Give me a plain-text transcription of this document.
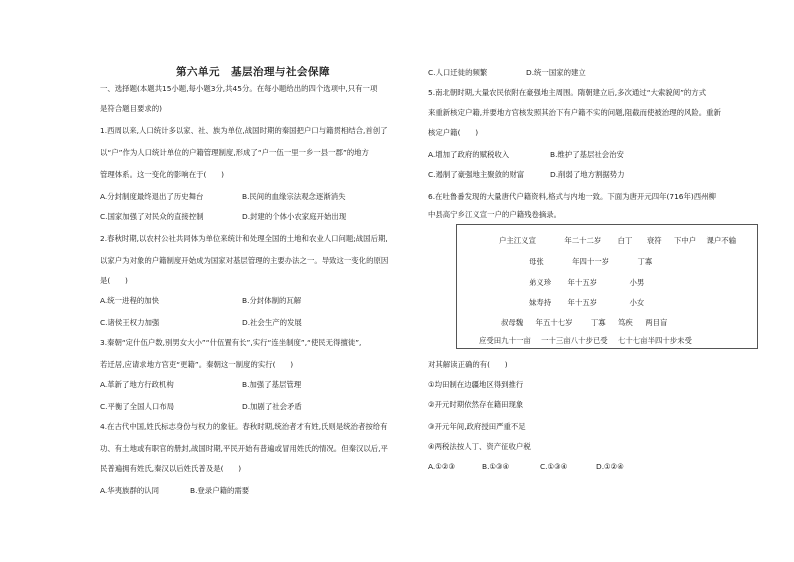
第六单元　基层治理与社会保障
一、选择题(本题共15小题,每小题3分,共45分。在每小题给出的四个选项中,只有一项
是符合题目要求的)
1.西周以来,人口统计多以家、社、族为单位,战国时期的秦国把户口与籍贯相结合,首创了
以“户”作为人口统计单位的户籍管理制度,形成了“户一伍一里一乡一县一郡”的地方
管理体系。这一变化的影响在于(　　)
A.分封制度最终退出了历史舞台	B.民间的血缘宗法观念逐渐消失
C.国家加强了对民众的直接控制	D.封建的个体小农家庭开始出现
2.春秋时期,以农村公社共同体为单位来统计和处理全国的土地和农业人口问题;战国后期,
以家户为对象的户籍制度开始成为国家对基层管理的主要办法之一。导致这一变化的原因
是(　　)
A.统一进程的加快	B.分封体制的瓦解
C.诸侯王权力加强	D.社会生产的发展
3.秦朝“定什伍户数,别男女大小”“什伍置有长”,实行“连坐制度”,“使民无得擅徙”,
若迁居,应请求地方官吏“更籍”。秦朝这一制度的实行(　　)
A.革新了地方行政机构	B.加强了基层管理
C.平衡了全国人口布局	D.加剧了社会矛盾
4.在古代中国,姓氏标志身份与权力的象征。春秋时期,统治者才有姓,氏则是统治者按给有
功、有土地或有职官的册封,战国时期,平民开始有普遍或冒用姓氏的情况。但秦汉以后,平
民普遍拥有姓氏,秦汉以后姓氏普及是(　　)
A.华夷族群的认同	B.登录户籍的需要
C.人口迁徙的频繁	D.统一国家的建立
5.南北朝时期,大量农民依附在豪强地主周围。隋朝建立后,多次通过“大索貌阅”的方式
来重新核定户籍,并要地方官核发照其治下有户籍不实的问题,阻截而使被治理的风险。重新
核定户籍(　　)
A.增加了政府的赋税收入	B.维护了基层社会治安
C.遏制了豪强地主聚敛的财富	D.削弱了地方割据势力
6.在吐鲁番发现的大量唐代户籍资料,格式与内地一致。下面为唐开元四年(716年)西州柳
中县高宁乡江义宣一户的户籍残卷摘录。
对其解读正确的有(　　)
①均田制在边疆地区得到推行
②开元时期依然存在籍田现象
③开元年间,政府授田严重不足
④两税法按人丁、资产征收户税
A.①②③	B.①③④	C.①③④	D.①②④
户主江义宣	年二十二岁 白丁 衰符 下中户 课户不输
母张	年四十一岁	丁寡
弟义珍 年十五岁	小男
妹寿持 年十五岁	小女
叔母魏 年五十七岁 丁寡 笃疾 两目盲
应受田九十一亩 一十三亩八十步已受 七十七亩半四十步未受
